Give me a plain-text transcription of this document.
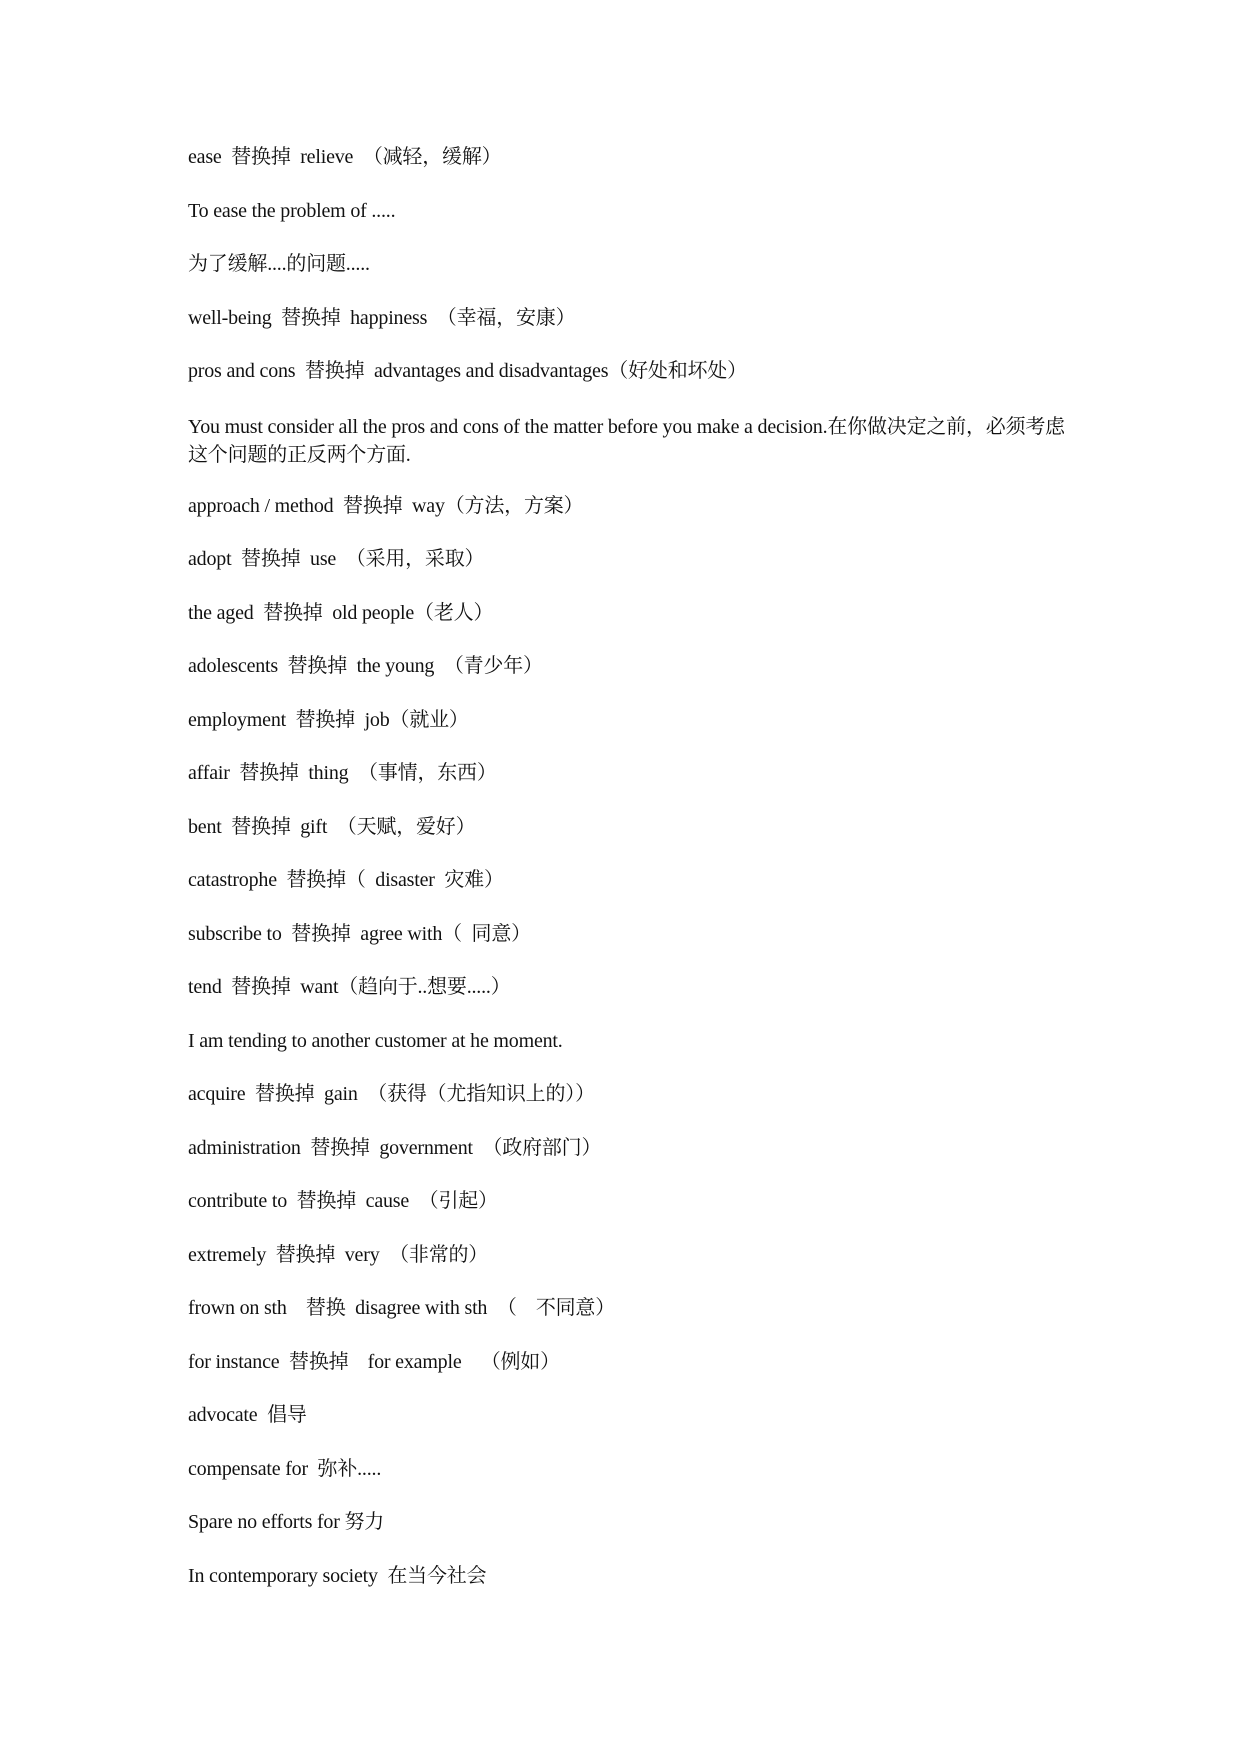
ease  替换掉  relieve  （减轻，缓解）
To ease the problem of .....
为了缓解....的问题.....
well-being  替换掉  happiness  （幸福，安康）
pros and cons  替换掉  advantages and disadvantages（好处和坏处）
You must consider all the pros and cons of the matter before you make a decision.在你做决定之前，必须考虑这个问题的正反两个方面.
approach / method  替换掉  way（方法，方案）
adopt  替换掉  use  （采用，采取）
the aged  替换掉  old people（老人）
adolescents  替换掉  the young  （青少年）
employment  替换掉  job（就业）
affair  替换掉  thing  （事情，东西）
bent  替换掉  gift  （天赋，爱好）
catastrophe  替换掉（  disaster  灾难）
subscribe to  替换掉  agree with（  同意）
tend  替换掉  want（趋向于..想要.....）
I am tending to another customer at he moment.
acquire  替换掉  gain  （获得（尤指知识上的））
administration  替换掉  government  （政府部门）
contribute to  替换掉  cause  （引起）
extremely  替换掉  very  （非常的）
frown on sth    替换  disagree with sth  （    不同意）
for instance  替换掉    for example    （例如）
advocate  倡导
compensate for  弥补.....
Spare no efforts for 努力
In contemporary society  在当今社会
